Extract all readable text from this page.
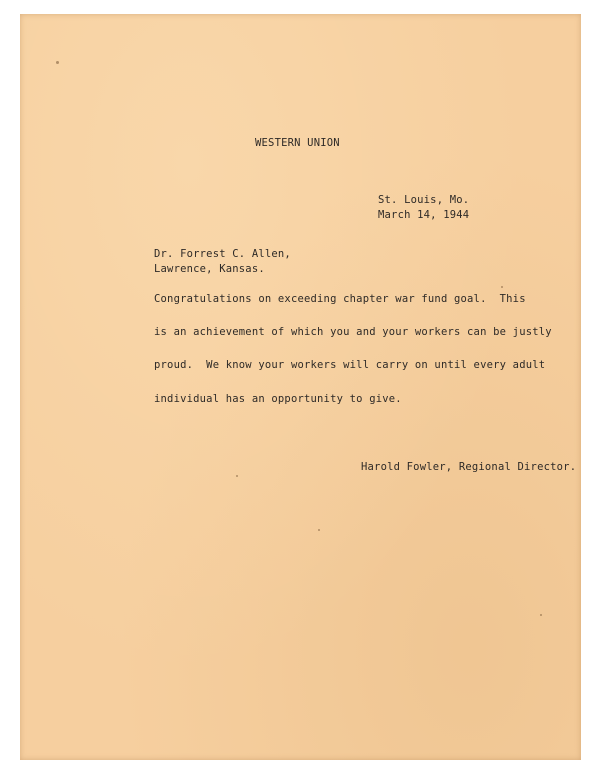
WESTERN UNION
St. Louis, Mo.
March 14, 1944
Dr. Forrest C. Allen,
Lawrence, Kansas.
Congratulations on exceeding chapter war fund goal.  This
is an achievement of which you and your workers can be justly
proud.  We know your workers will carry on until every adult
individual has an opportunity to give.
Harold Fowler, Regional Director.
